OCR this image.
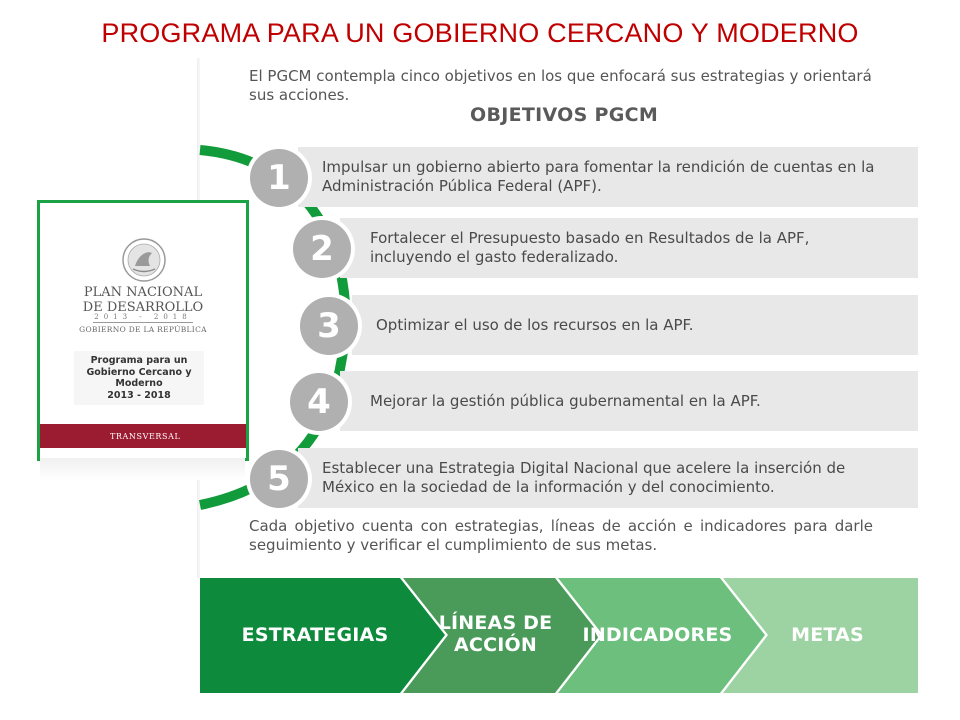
PROGRAMA PARA UN GOBIERNO CERCANO Y MODERNO
El PGCM contempla cinco objetivos en los que enfocará sus estrategias y orientará sus acciones.
OBJETIVOS PGCM
Impulsar un gobierno abierto para fomentar la rendición de cuentas en la Administración Pública Federal (APF).
Fortalecer el Presupuesto basado en Resultados de la APF, incluyendo el gasto federalizado.
Optimizar el uso de los recursos en la APF.
Mejorar la gestión pública gubernamental en la APF.
Establecer una Estrategia Digital Nacional que acelere la inserción de México en la sociedad de la información y del conocimiento.
1
2
3
4
5
Cada objetivo cuenta con estrategias, líneas de acción e indicadores para darle seguimiento y verificar el cumplimiento de sus metas.
ESTRATEGIAS
LÍNEAS DE
ACCIÓN	INDICADORES	METAS
PLAN NACIONAL
DE DESARROLLO
2013 - 2018
GOBIERNO DE LA REPÚBLICA
Programa para un
Gobierno Cercano y
Moderno
2013 - 2018
TRANSVERSAL
